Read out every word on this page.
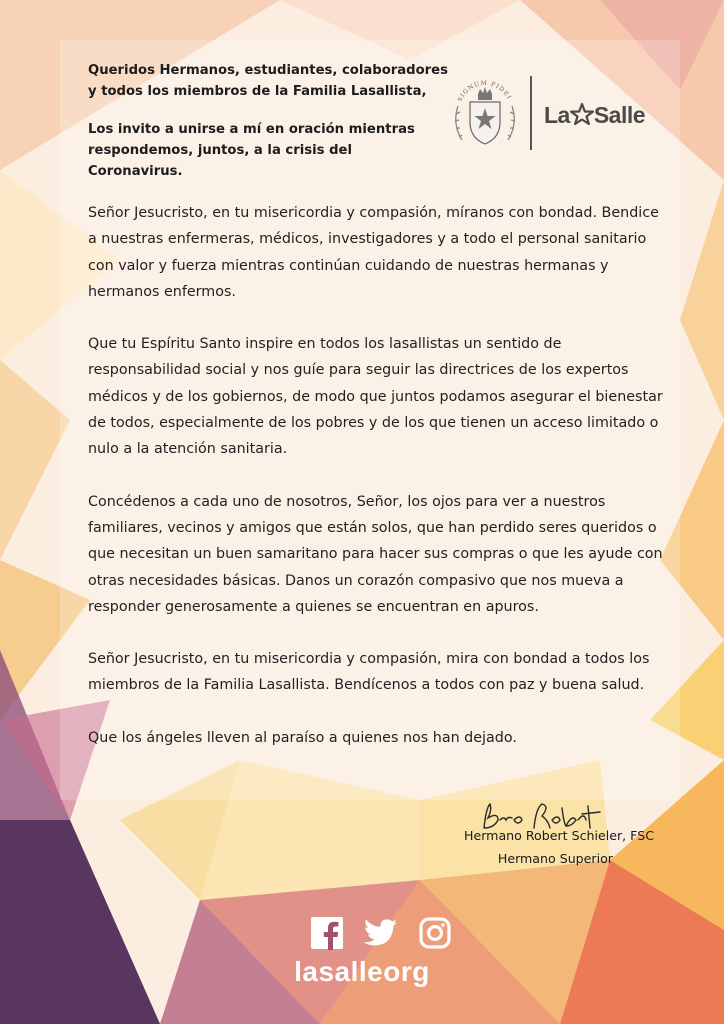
Queridos Hermanos, estudiantes, colaboradores
y todos los miembros de la Familia Lasallista,

Los invito a unirse a mí en oración mientras
respondemos, juntos, a la crisis del Coronavirus.

SIGNUM FIDEI
La Salle

Señor Jesucristo, en tu misericordia y compasión, míranos con bondad. Bendice a nuestras enfermeras, médicos, investigadores y a todo el personal sanitario con valor y fuerza mientras continúan cuidando de nuestras hermanas y hermanos enfermos.

Que tu Espíritu Santo inspire en todos los lasallistas un sentido de responsabilidad social y nos guíe para seguir las directrices de los expertos médicos y de los gobiernos, de modo que juntos podamos asegurar el bienestar de todos, especialmente de los pobres y de los que tienen un acceso limitado o nulo a la atención sanitaria.

Concédenos a cada uno de nosotros, Señor, los ojos para ver a nuestros familiares, vecinos y amigos que están solos, que han perdido seres queridos o que necesitan un buen samaritano para hacer sus compras o que les ayude con otras necesidades básicas. Danos un corazón compasivo que nos mueva a responder generosamente a quienes se encuentran en apuros.

Señor Jesucristo, en tu misericordia y compasión, mira con bondad a todos los miembros de la Familia Lasallista. Bendícenos a todos con paz y buena salud.

Que los ángeles lleven al paraíso a quienes nos han dejado.

Hermano Robert Schieler, FSC
Hermano Superior
lasalleorg
